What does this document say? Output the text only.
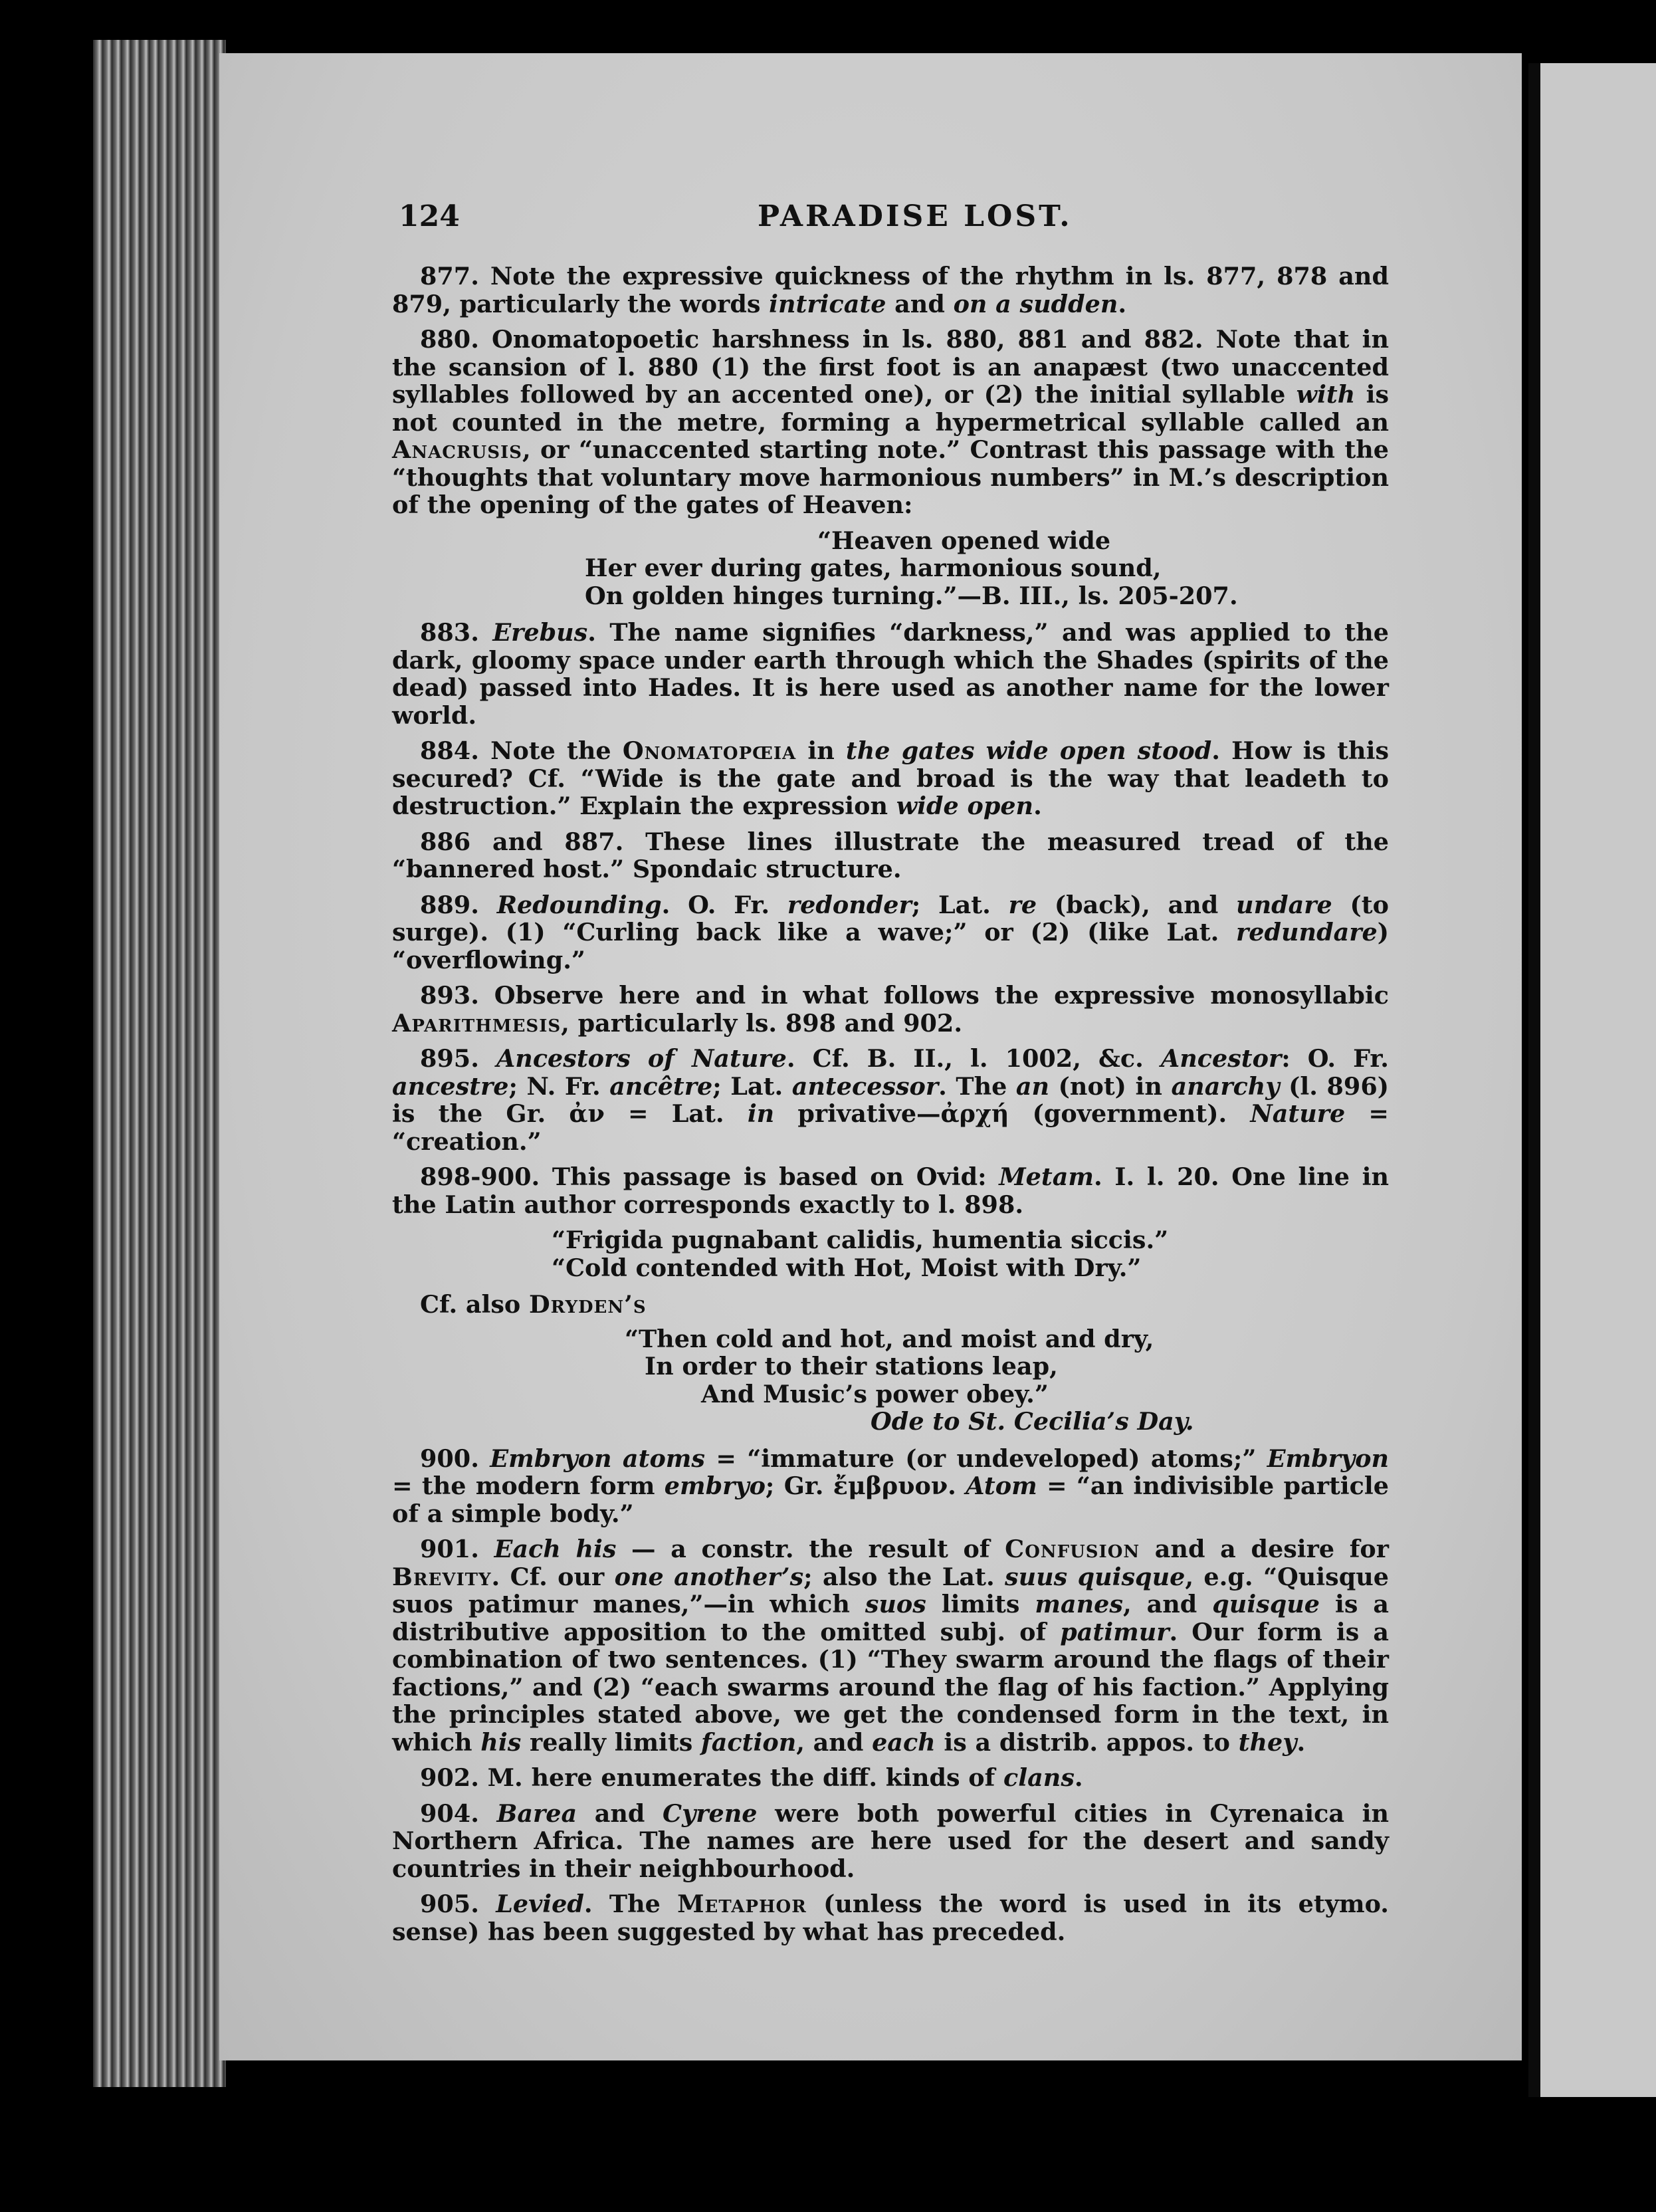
124	PARADISE LOST.

877. Note the expressive quickness of the rhythm in ls. 877, 878 and 879, particularly the words intricate and on a sudden.

880. Onomatopoetic harshness in ls. 880, 881 and 882. Note that in the scansion of l. 880 (1) the first foot is an anapæst (two unaccented syllables followed by an accented one), or (2) the initial syllable with is not counted in the metre, forming a hypermetrical syllable called an Anacrusis, or “unaccented starting note.” Contrast this passage with the “thoughts that voluntary move harmonious numbers” in M.’s description of the opening of the gates of Heaven:

“Heaven opened wide
Her ever during gates, harmonious sound,
On golden hinges turning.”—B. III., ls. 205-207.

883. Erebus. The name signifies “darkness,” and was applied to the dark, gloomy space under earth through which the Shades (spirits of the dead) passed into Hades. It is here used as another name for the lower world.

884. Note the Onomatopœia in the gates wide open stood. How is this secured? Cf. “Wide is the gate and broad is the way that leadeth to destruction.” Explain the expression wide open.

886 and 887. These lines illustrate the measured tread of the “bannered host.” Spondaic structure.

889. Redounding. O. Fr. redonder; Lat. re (back), and undare (to surge). (1) “Curling back like a wave;” or (2) (like Lat. redundare) “overflowing.”

893. Observe here and in what follows the expressive monosyllabic Aparithmesis, particularly ls. 898 and 902.

895. Ancestors of Nature. Cf. B. II., l. 1002, &c. Ancestor: O. Fr. ancestre; N. Fr. ancêtre; Lat. antecessor. The an (not) in anarchy (l. 896) is the Gr. ἀν = Lat. in privative—ἀρχή (government). Nature = “creation.”

898-900. This passage is based on Ovid: Metam. I. l. 20. One line in the Latin author corresponds exactly to l. 898.

“Frigida pugnabant calidis, humentia siccis.”
“Cold contended with Hot, Moist with Dry.”

Cf. also Dryden’s

“Then cold and hot, and moist and dry,
In order to their stations leap,
And Music’s power obey.”
Ode to St. Cecilia’s Day.

900. Embryon atoms = “immature (or undeveloped) atoms;” Embryon = the modern form embryo; Gr. ἔμβρυον. Atom = “an indivisible particle of a simple body.”

901. Each his — a constr. the result of Confusion and a desire for Brevity. Cf. our one another’s; also the Lat. suus quisque, e.g. “Quisque suos patimur manes,”—in which suos limits manes, and quisque is a distributive apposition to the omitted subj. of patimur. Our form is a combination of two sentences. (1) “They swarm around the flags of their factions,” and (2) “each swarms around the flag of his faction.” Applying the principles stated above, we get the condensed form in the text, in which his really limits faction, and each is a distrib. appos. to they.

902. M. here enumerates the diff. kinds of clans.

904. Barea and Cyrene were both powerful cities in Cyrenaica in Northern Africa. The names are here used for the desert and sandy countries in their neighbourhood.

905. Levied. The Metaphor (unless the word is used in its etymo. sense) has been suggested by what has preceded.
